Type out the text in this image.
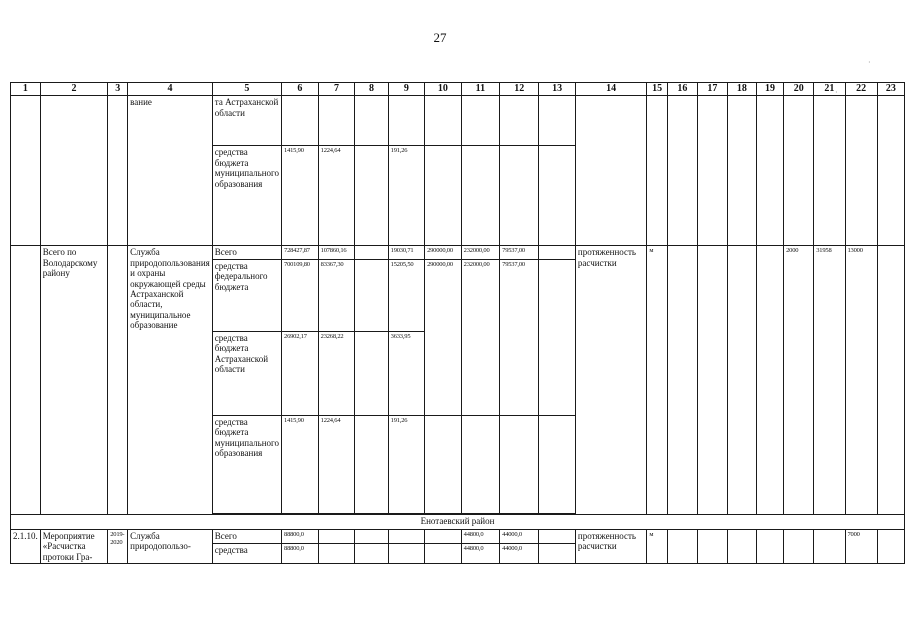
27
·
·
1	2	3	4	5	6	7	8	9	10	11	12	13	14	15	16	17	18	19	20	21	22	23
			вание	та Астраханской области																		
				средства бюджета муниципального образования	1415,90	1224,64		191,26														
	Всего по Володарскому району		Служба природопользования и охраны окружающей среды Астраханской области, муниципальное образование	Всего	728427,87	107860,16		19030,71	290000,00	232000,00	79537,00		протяженность расчистки	м					2000	31958	13000	
				средства федерального бюджета	700109,80	83367,30		15205,50	290000,00	232000,00	79537,00											
				средства бюджета Астраханской области	26902,17	23268,22		3633,95														
				средства бюджета муниципального образования	1415,90	1224,64		191,26														

Енотаевский район																						
2.1.10.	Мероприятие «Расчистка протоки Гра-	2019-2020	Служба природопользо-	Всего	88800,0					44800,0	44000,0		протяженность расчистки	м							7000	
				средства	88800,0					44800,0	44000,0											
